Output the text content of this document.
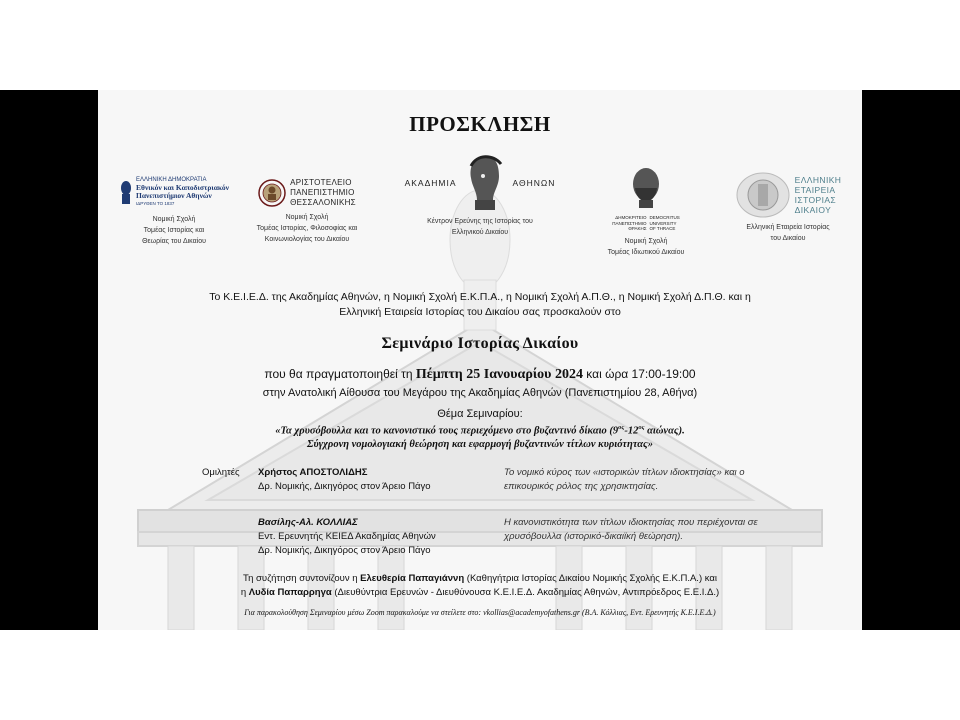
ΠΡΟΣΚΛΗΣΗ
ΕΛΛΗΝΙΚΗ ΔΗΜΟΚΡΑΤΙΑ
Εθνικόν και Καποδιστριακόν
Πανεπιστήμιον Αθηνών
ΙΔΡΥΘΕΝ ΤΟ 1837
Νομική Σχολή
Τομέας Ιστορίας και
Θεωρίας του Δικαίου
ΑΡΙΣΤΟΤΕΛΕΙΟ
ΠΑΝΕΠΙΣΤΗΜΙΟ
ΘΕΣΣΑΛΟΝΙΚΗΣ
Νομική Σχολή
Τομέας Ιστορίας, Φιλοσοφίας και
Κοινωνιολογίας του Δικαίου
ΑΚΑΔΗΜΙΑ	ΑΘΗΝΩΝ
Κέντρον Ερεύνης της Ιστορίας του
Ελληνικού Δικαίου
ΔΗΜΟΚΡΙΤΕΙΟ
ΠΑΝΕΠΙΣΤΗΜΙΟ
ΘΡΑΚΗΣ
DEMOCRITUS
UNIVERSITY
OF THRACE
Νομική Σχολή
Τομέας Ιδιωτικού Δικαίου
ΕΛΛΗΝΙΚΗ
ΕΤΑΙΡΕΙΑ
ΙΣΤΟΡΙΑΣ
ΔΙΚΑΙΟΥ
Ελληνική Εταιρεία Ιστορίας
του Δικαίου
Το Κ.Ε.Ι.Ε.Δ. της Ακαδημίας Αθηνών, η Νομική Σχολή Ε.Κ.Π.Α., η Νομική Σχολή Α.Π.Θ., η Νομική Σχολή Δ.Π.Θ. και η
Ελληνική Εταιρεία Ιστορίας του Δικαίου σας προσκαλούν στο
Σεμινάριο Ιστορίας Δικαίου
που θα πραγματοποιηθεί τη Πέμπτη 25 Ιανουαρίου 2024 και ώρα 17:00-19:00
στην Ανατολική Αίθουσα του Μεγάρου της Ακαδημίας Αθηνών (Πανεπιστημίου 28, Αθήνα)
Θέμα Σεμιναρίου:
«Τα χρυσόβουλλα και το κανονιστικό τους περιεχόμενο στο βυζαντινό δίκαιο ($9^{o\varsigma}-12^{o\varsigma}$ αιώνας).
Σύγχρονη νομολογιακή θεώρηση και εφαρμογή βυζαντινών τίτλων κυριότητας»
Ομιλητές Χρήστος ΑΠΟΣΤΟΛΙΔΗΣ
Δρ. Νομικής, Δικηγόρος στον Άρειο Πάγο
Το νομικό κύρος των «ιστορικών τίτλων ιδιοκτησίας» και ο
επικουρικός ρόλος της χρησικτησίας.
Βασίλης-Αλ. ΚΟΛΛΙΑΣ
Εντ. Ερευνητής ΚΕΙΕΔ Ακαδημίας Αθηνών
Δρ. Νομικής, Δικηγόρος στον Άρειο Πάγο
Η κανονιστικότητα των τίτλων ιδιοκτησίας που περιέχονται σε
χρυσόβουλλα (ιστορικό-δικαιϊκή θεώρηση).
Τη συζήτηση συντονίζουν η Ελευθερία Παπαγιάννη (Καθηγήτρια Ιστορίας Δικαίου Νομικής Σχολής Ε.Κ.Π.Α.) και
η Λυδία Παπαρρηγα (Διευθύντρια Ερευνών - Διευθύνουσα Κ.Ε.Ι.Ε.Δ. Ακαδημίας Αθηνών, Αντιπρόεδρος Ε.Ε.Ι.Δ.)
Για παρακολούθηση Σεμιναρίου μέσω Zoom παρακαλούμε να στείλετε στο: vkollias@academyofathens.gr (Β.Α. Κόλλιας, Εντ. Ερευνητής Κ.Ε.Ι.Ε.Δ.)
